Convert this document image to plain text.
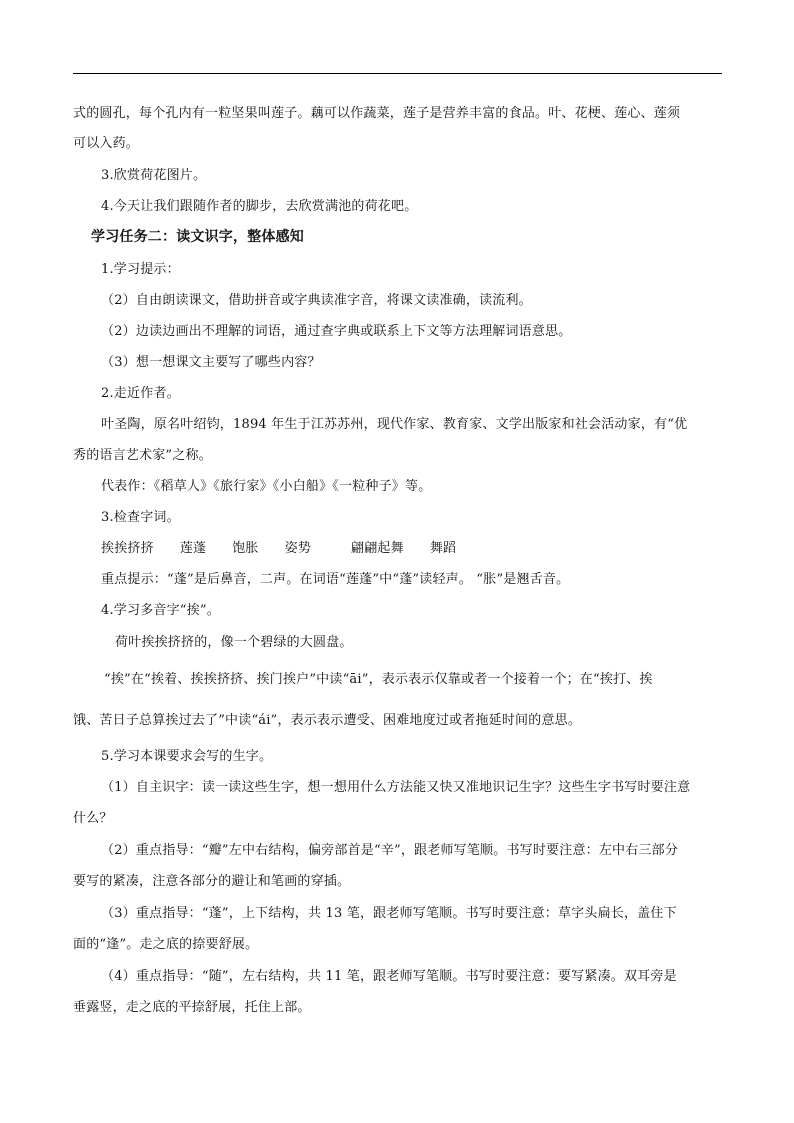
式的圆孔，每个孔内有一粒坚果叫莲子。藕可以作蔬菜，莲子是营养丰富的食品。叶、花梗、莲心、莲须
可以入药。
3.欣赏荷花图片。
4.今天让我们跟随作者的脚步，去欣赏满池的荷花吧。
学习任务二：读文识字，整体感知
1.学习提示：
（2）自由朗读课文，借助拼音或字典读准字音，将课文读准确，读流利。
（2）边读边画出不理解的词语，通过查字典或联系上下文等方法理解词语意思。
（3）想一想课文主要写了哪些内容？
2.走近作者。
叶圣陶，原名叶绍钧，1894 年生于江苏苏州，现代作家、教育家、文学出版家和社会活动家，有“优
秀的语言艺术家”之称。
代表作：《稻草人》《旅行家》《小白船》《一粒种子》等。
3.检查字词。
挨挨挤挤 莲蓬 饱胀 姿势	翩翩起舞 舞蹈
重点提示：“蓬”是后鼻音，二声。在词语“莲蓬”中“蓬”读轻声。 “胀”是翘舌音。
4.学习多音字“挨”。
荷叶挨挨挤挤的，像一个碧绿的大圆盘。
“挨”在“挨着、挨挨挤挤、挨门挨户”中读“āi”，表示表示仅靠或者一个接着一个；在“挨打、挨
饿、苦日子总算挨过去了”中读“ái”，表示表示遭受、困难地度过或者拖延时间的意思。
5.学习本课要求会写的生字。
（1）自主识字：读一读这些生字，想一想用什么方法能又快又准地识记生字？这些生字书写时要注意
什么？
（2）重点指导：“瓣”左中右结构，偏旁部首是“辛”，跟老师写笔顺。书写时要注意：左中右三部分
要写的紧凑，注意各部分的避让和笔画的穿插。
（3）重点指导：“蓬”，上下结构，共 13 笔，跟老师写笔顺。书写时要注意：草字头扁长，盖住下
面的“逢”。走之底的捺要舒展。
（4）重点指导：“随”，左右结构，共 11 笔，跟老师写笔顺。书写时要注意：要写紧凑。双耳旁是
垂露竖，走之底的平捺舒展，托住上部。
